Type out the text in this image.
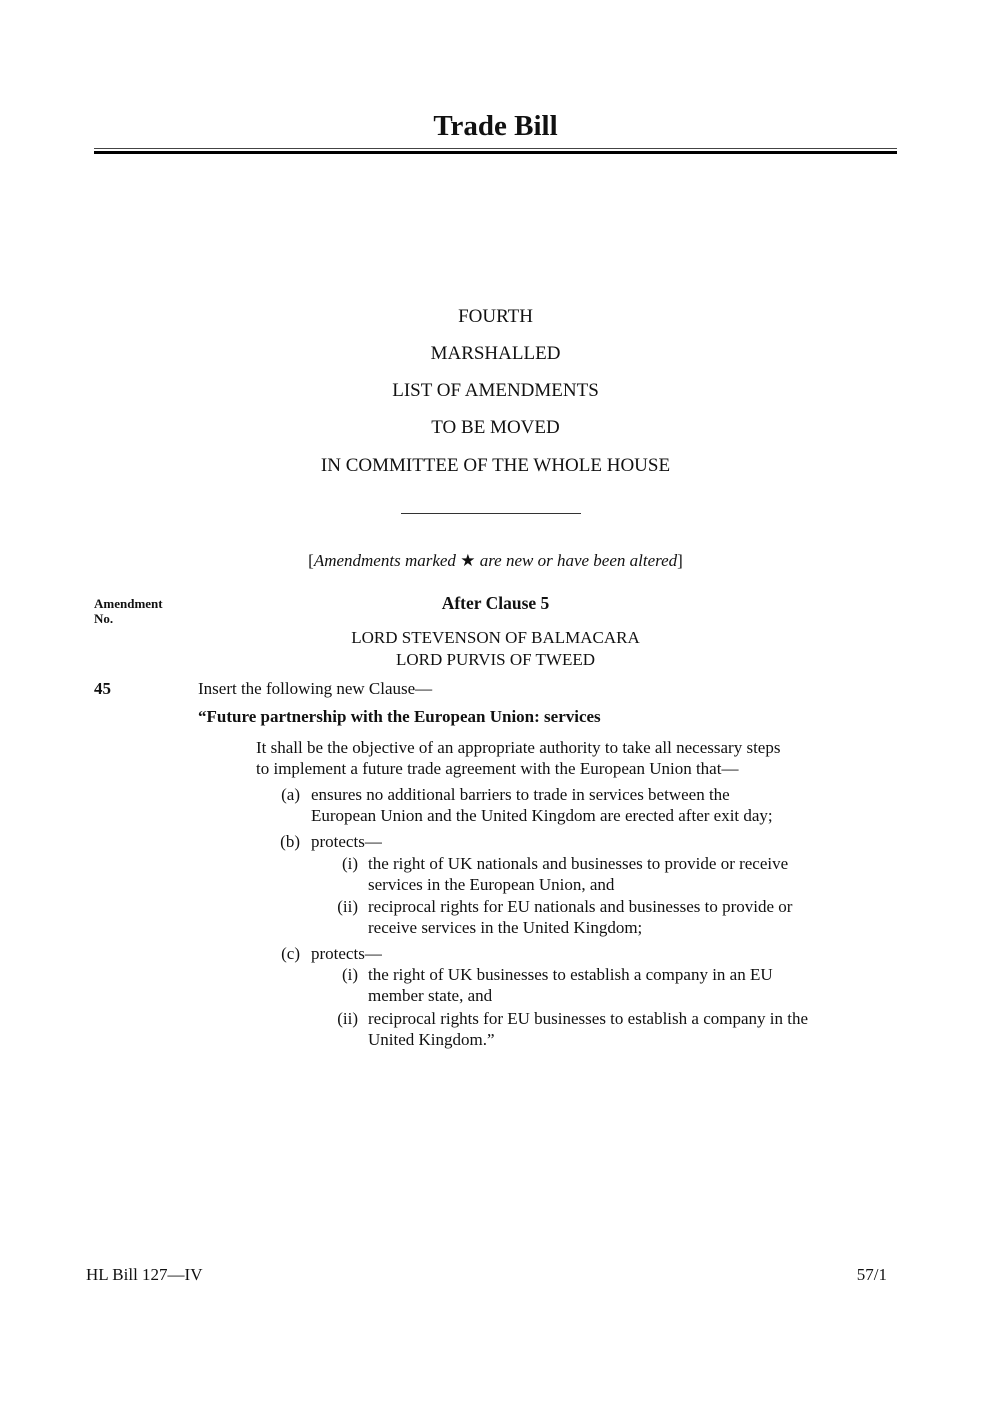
Trade Bill
FOURTH
MARSHALLED
LIST OF AMENDMENTS
TO BE MOVED
IN COMMITTEE OF THE WHOLE HOUSE
[Amendments marked ★ are new or have been altered]
Amendment
No.
After Clause 5
LORD STEVENSON OF BALMACARA
LORD PURVIS OF TWEED
45	Insert the following new Clause—
“Future partnership with the European Union: services
It shall be the objective of an appropriate authority to take all necessary steps
to implement a future trade agreement with the European Union that—
(a) ensures no additional barriers to trade in services between the
European Union and the United Kingdom are erected after exit day;
(b) protects—
(i) the right of UK nationals and businesses to provide or receive
services in the European Union, and
(ii) reciprocal rights for EU nationals and businesses to provide or
receive services in the United Kingdom;
(c) protects—
(i) the right of UK businesses to establish a company in an EU
member state, and
(ii) reciprocal rights for EU businesses to establish a company in the
United Kingdom.”
HL Bill 127—IV	57/1
